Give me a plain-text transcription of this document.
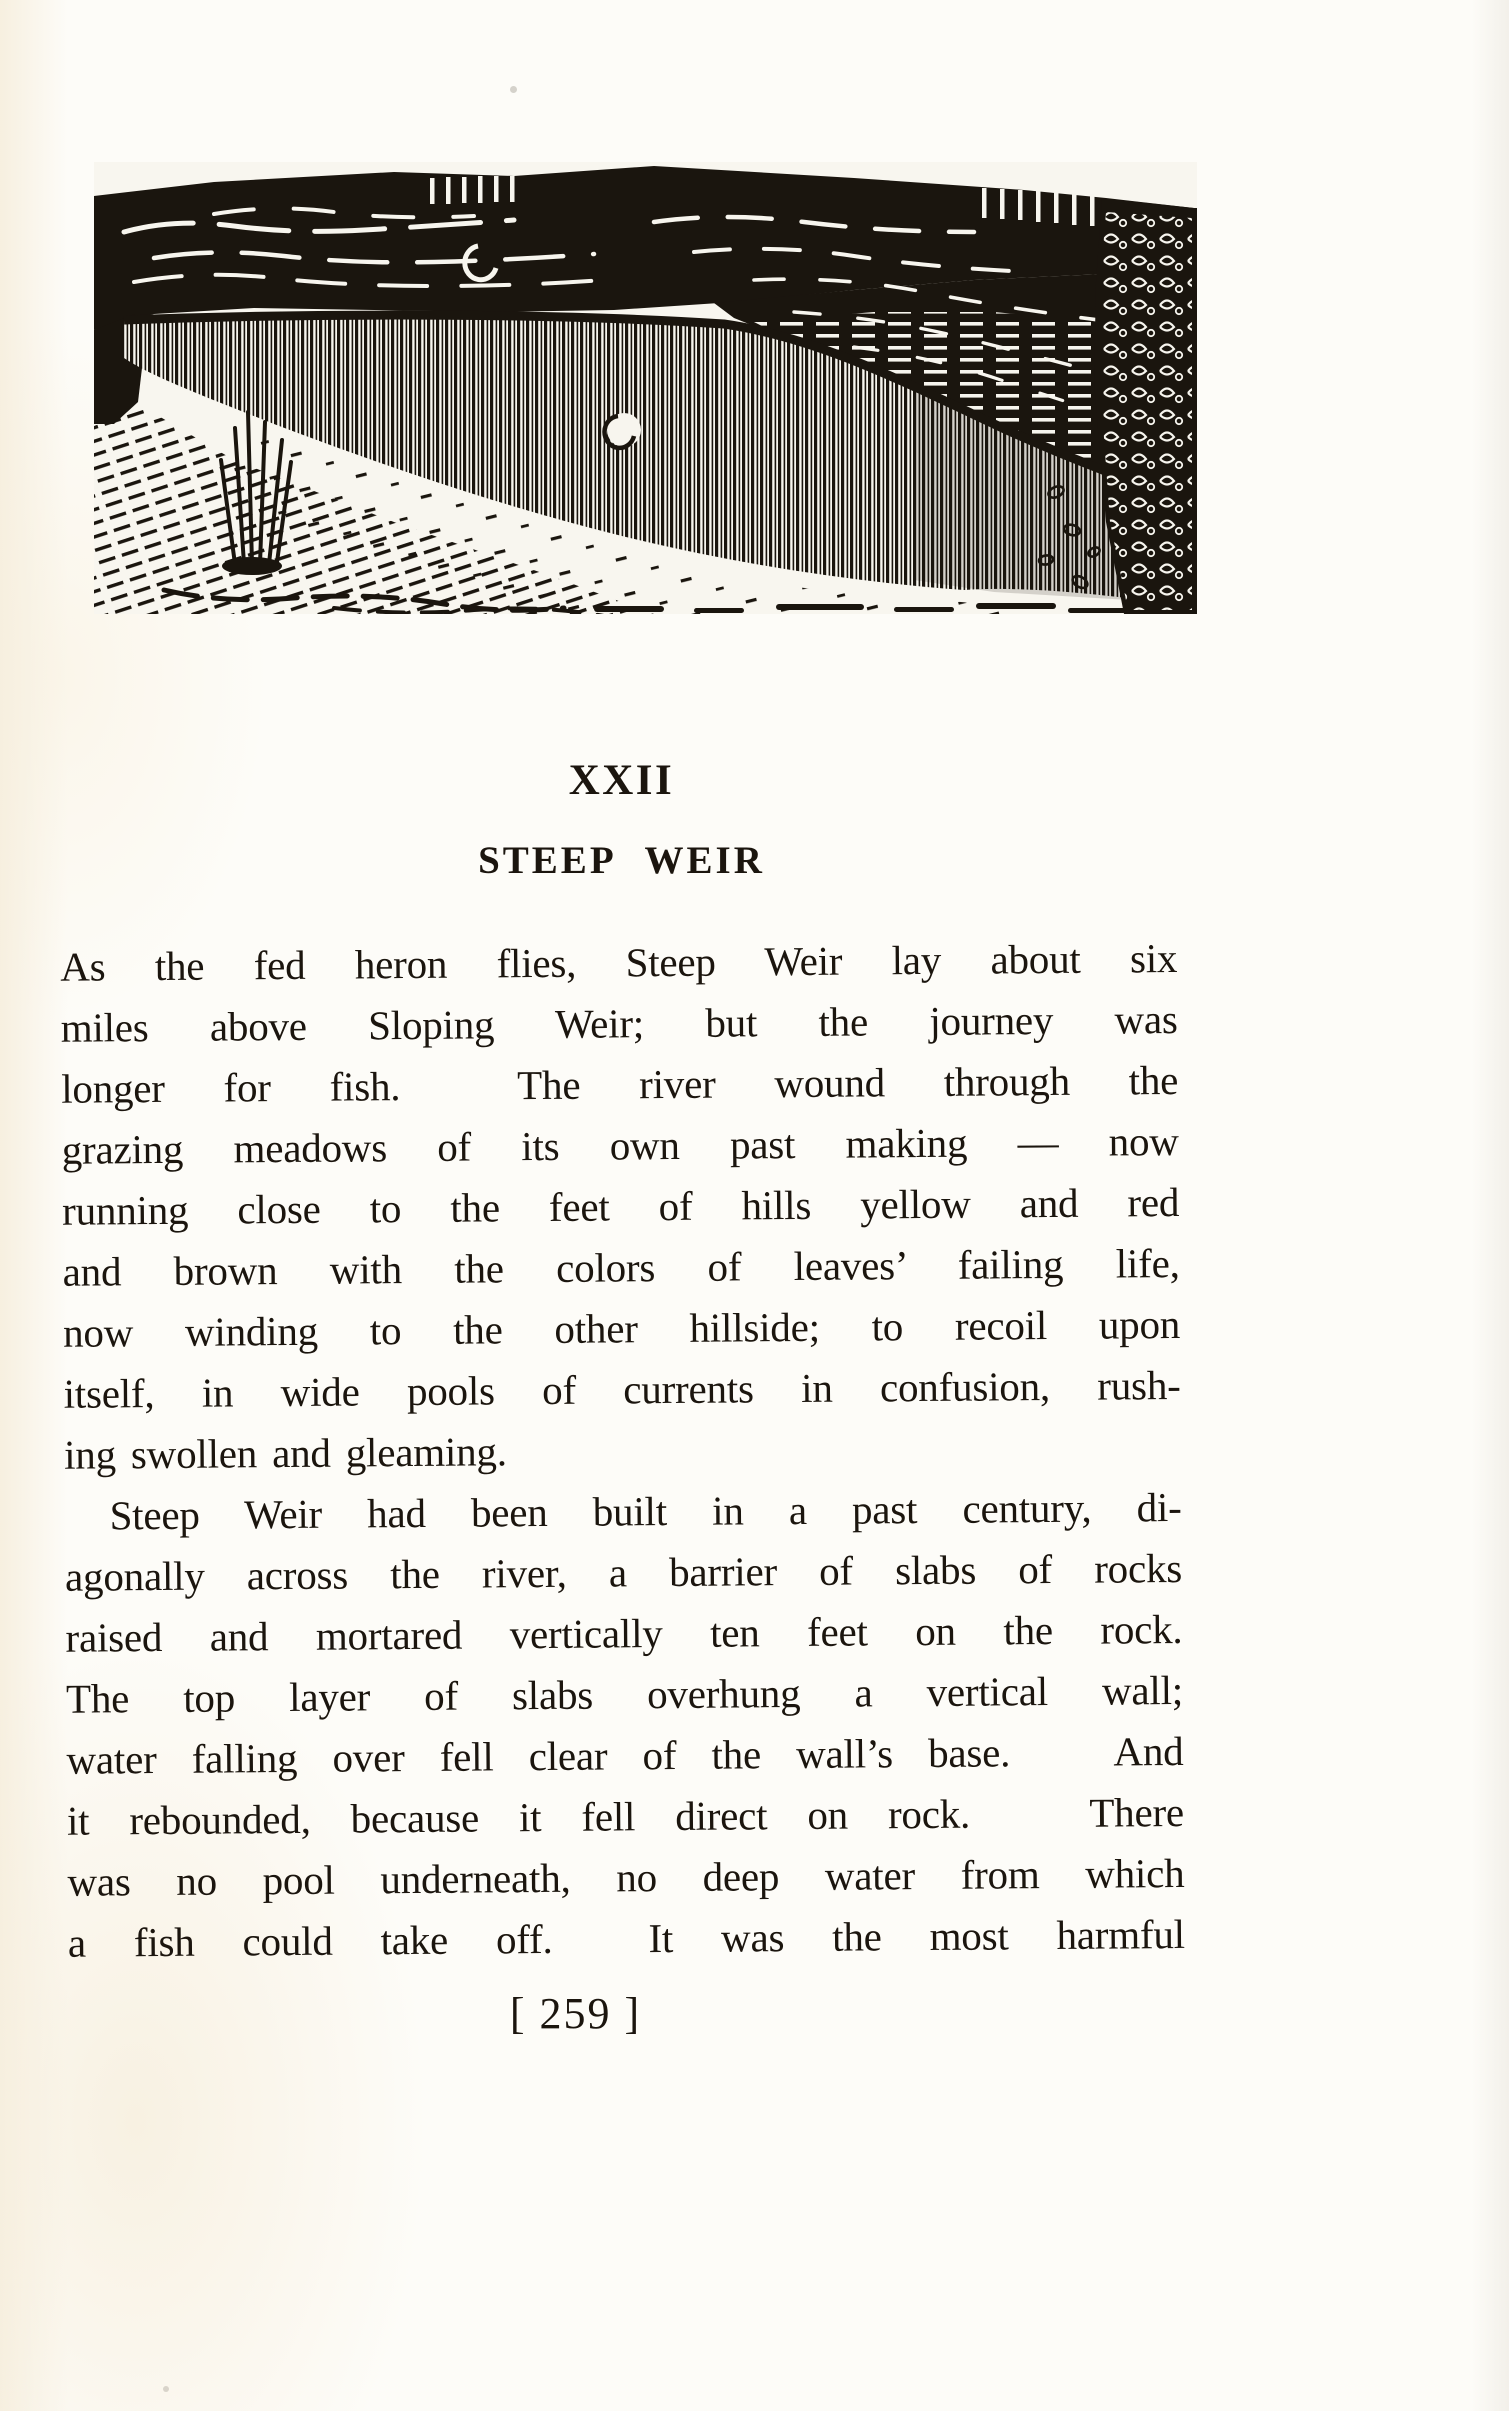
XXII
STEEP WEIR
As the fed heron flies, Steep Weir lay about six
miles above Sloping Weir; but the journey was
longer for fish.  The river wound through the
grazing meadows of its own past making — now
running close to the feet of hills yellow and red
and brown with the colors of leaves’ failing life,
now winding to the other hillside; to recoil upon
itself, in wide pools of currents in confusion, rush-
ing swollen and gleaming.
Steep Weir had been built in a past century, di-
agonally across the river, a barrier of slabs of rocks
raised and mortared vertically ten feet on the rock.
The top layer of slabs overhung a vertical wall;
water falling over fell clear of the wall’s base.   And
it rebounded, because it fell direct on rock.   There
was no pool underneath, no deep water from which
a fish could take off.  It was the most harmful
[ 259 ]
